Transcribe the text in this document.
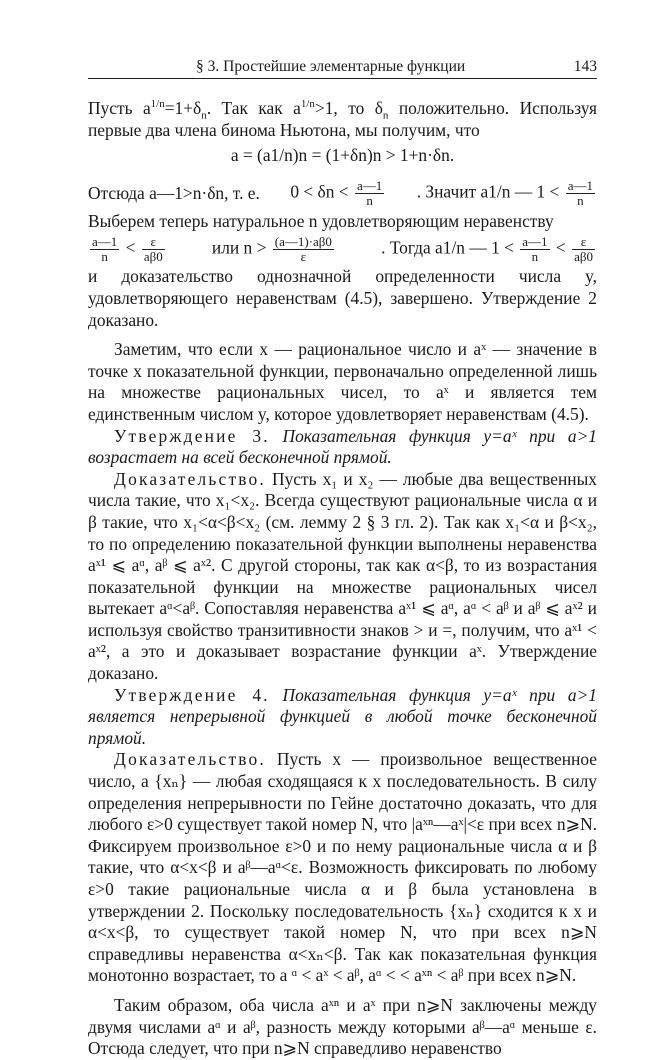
§ 3. Простейшие элементарные функции	143

Пусть $a^{1/n}=1+\delta_n$. Так как $a^{1/n}>1$, то $\delta_n$ положительно. Используя первые два члена бинома Ньютона, мы получим, что

a = (a1/n)n = (1+δn)n > 1+n·δn.
Отсюда a—1>n·δn, т. е. $0 < \delta n < \frac{a—1}{n}$ . Значит a1/n — $1 < \frac{a—1}{n}$

Выберем теперь натуральное n удовлетворяющим неравенству

$\frac{a—1}{n} < \frac{\varepsilon}{a\beta 0}$	или $n > \frac{(a—1)\cdot a\beta 0}{\varepsilon}$	. Тогда a1/n — $1 < \frac{a—1}{n} < \frac{\varepsilon}{a\beta 0}$

и доказательство однозначной определенности числа y, удовлетворяющего неравенствам (4.5), завершено. Утверждение 2 доказано.

Заметим, что если x — рациональное число и aˣ — значение в точке x показательной функции, первоначально определенной лишь на множестве рациональных чисел, то aˣ и является тем единственным числом y, которое удовлетворяет неравенствам (4.5).

Утверждение 3. Показательная функция y=aˣ при a>1 возрастает на всей бесконечной прямой.

Доказательство. Пусть x₁ и x₂ — любые два вещественных числа такие, что x₁<x₂. Всегда существуют рациональные числа α и β такие, что x₁<α<β<x₂ (см. лемму 2 § 3 гл. 2). Так как x₁<α и β<x₂, то по определению показательной функции выполнены неравенства aˣ¹ ⩽ aᵅ, aᵝ ⩽ aˣ². С другой стороны, так как α<β, то из возрастания показательной функции на множестве рациональных чисел вытекает aᵅ<aᵝ. Сопоставляя неравенства aˣ¹ ⩽ aᵅ, aᵅ < aᵝ и aᵝ ⩽ aˣ² и используя свойство транзитивности знаков > и =, получим, что aˣ¹ < aˣ², а это и доказывает возрастание функции aˣ. Утверждение доказано.

Утверждение 4. Показательная функция y=aˣ при a>1 является непрерывной функцией в любой точке бесконечной прямой.

Доказательство. Пусть x — произвольное вещественное число, а {xₙ} — любая сходящаяся к x последовательность. В силу определения непрерывности по Гейне достаточно доказать, что для любого ε>0 существует такой номер N, что |aˣⁿ—aˣ|<ε при всех n⩾N. Фиксируем произвольное ε>0 и по нему рациональные числа α и β такие, что α<x<β и aᵝ—aᵅ<ε. Возможность фиксировать по любому ε>0 такие рациональные числа α и β была установлена в утверждении 2. Поскольку последовательность {xₙ} сходится к x и α<x<β, то существует такой номер N, что при всех n⩾N справедливы неравенства α<xₙ<β. Так как показательная функция монотонно возрастает, то a ᵅ < aˣ < aᵝ, aᵅ < < aˣⁿ < aᵝ при всех n⩾N.

Таким образом, оба числа aˣⁿ и aˣ при n⩾N заключены между двумя числами aᵅ и aᵝ, разность между которыми aᵝ—aᵅ меньше ε. Отсюда следует, что при n⩾N справедливо неравенство
